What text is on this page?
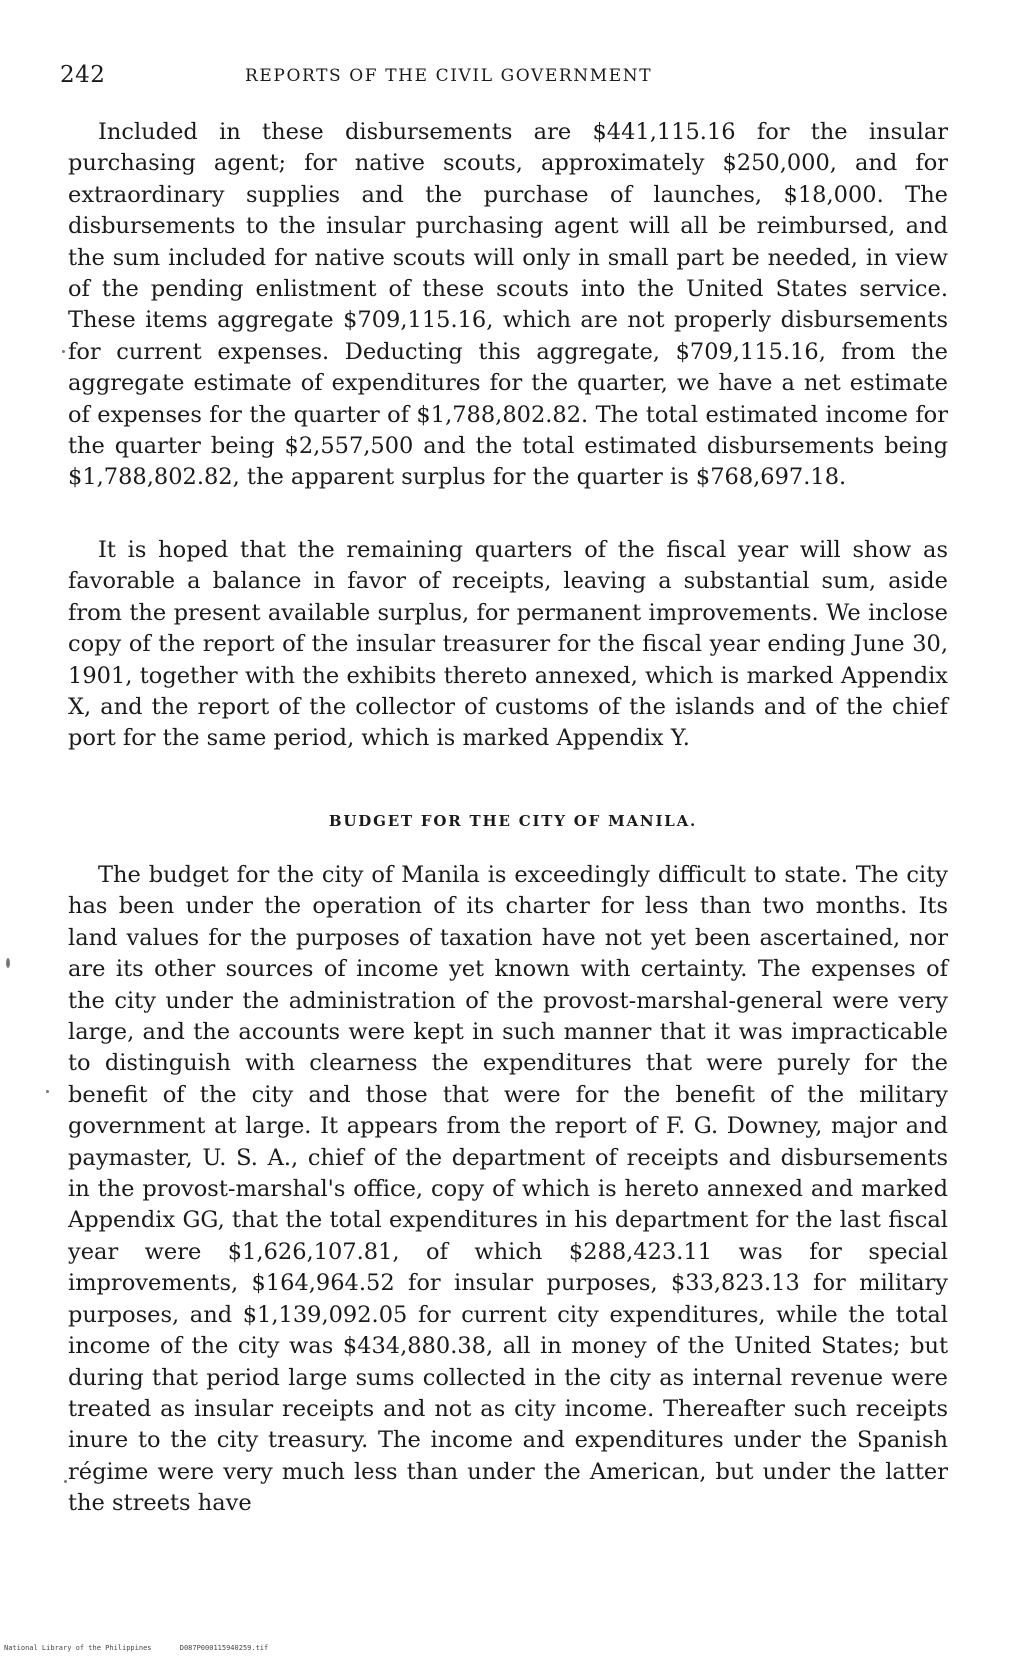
242	REPORTS OF THE CIVIL GOVERNMENT

Included in these disbursements are $441,115.16 for the insular purchasing agent; for native scouts, approximately $250,000, and for extraordinary supplies and the purchase of launches, $18,000. The disbursements to the insular purchasing agent will all be reimbursed, and the sum included for native scouts will only in small part be needed, in view of the pending enlistment of these scouts into the United States service. These items aggregate $709,115.16, which are not properly disbursements for current expenses. Deducting this aggregate, $709,115.16, from the aggregate estimate of expenditures for the quarter, we have a net estimate of expenses for the quarter of $1,788,802.82. The total estimated income for the quarter being $2,557,500 and the total estimated disbursements being $1,788,802.82, the apparent surplus for the quarter is $768,697.18.

It is hoped that the remaining quarters of the fiscal year will show as favorable a balance in favor of receipts, leaving a substantial sum, aside from the present available surplus, for permanent improvements. We inclose copy of the report of the insular treasurer for the fiscal year ending June 30, 1901, together with the exhibits thereto annexed, which is marked Appendix X, and the report of the collector of customs of the islands and of the chief port for the same period, which is marked Appendix Y.

BUDGET FOR THE CITY OF MANILA.

The budget for the city of Manila is exceedingly difficult to state. The city has been under the operation of its charter for less than two months. Its land values for the purposes of taxation have not yet been ascertained, nor are its other sources of income yet known with certainty. The expenses of the city under the administration of the provost-marshal-general were very large, and the accounts were kept in such manner that it was impracticable to distinguish with clearness the expenditures that were purely for the benefit of the city and those that were for the benefit of the military government at large. It appears from the report of F. G. Downey, major and paymaster, U. S. A., chief of the department of receipts and disbursements in the provost-marshal's office, copy of which is hereto annexed and marked Appendix GG, that the total expenditures in his department for the last fiscal year were $1,626,107.81, of which $288,423.11 was for special improvements, $164,964.52 for insular purposes, $33,823.13 for military purposes, and $1,139,092.05 for current city expenditures, while the total income of the city was $434,880.38, all in money of the United States; but during that period large sums collected in the city as internal revenue were treated as insular receipts and not as city income. Thereafter such receipts inure to the city treasury. The income and expenditures under the Spanish régime were very much less than under the American, but under the latter the streets have

National Library of the Philippines	D087P000115940259.tif
